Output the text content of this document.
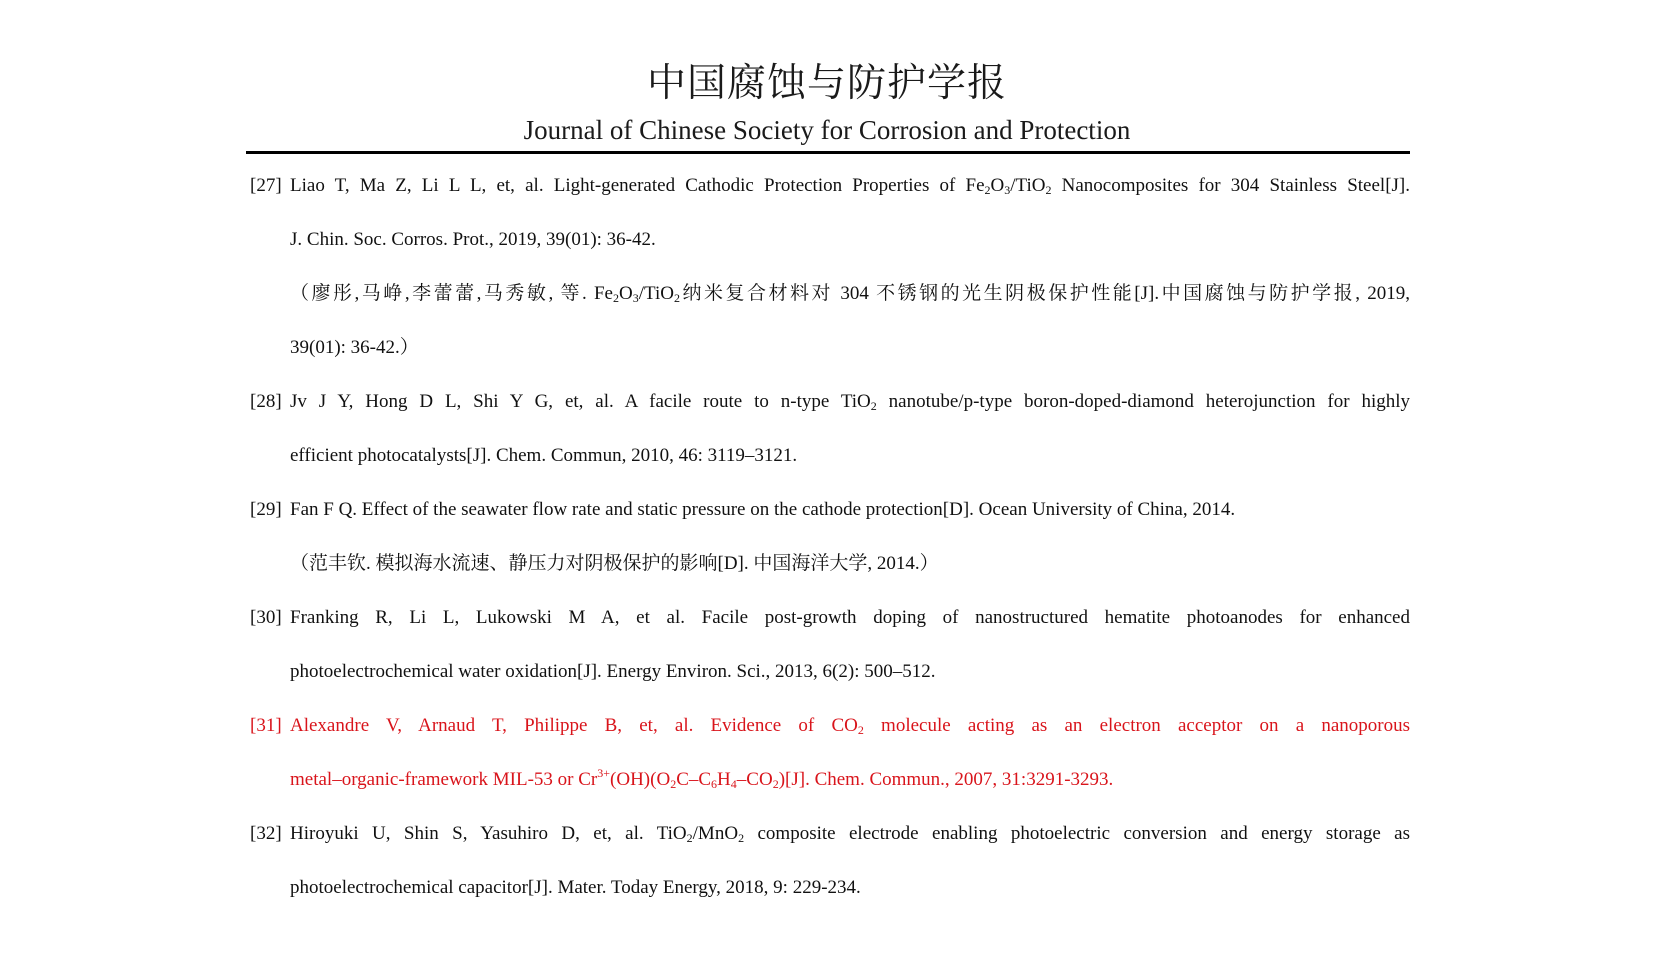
中国腐蚀与防护学报
Journal of Chinese Society for Corrosion and Protection
[27] Liao T, Ma Z, Li L L, et, al. Light-generated Cathodic Protection Properties of $Fe_2O_3/TiO_2$ Nanocomposites for 304 Stainless Steel[J].
J. Chin. Soc. Corros. Prot., 2019, 39(01): 36-42.
（廖彤,马峥,李蕾蕾,马秀敏, 等. $Fe_2O_3/TiO_2$纳米复合材料对 304 不锈钢的光生阴极保护性能[J].中国腐蚀与防护学报, 2019,
39(01): 36-42.）
[28] Jv J Y, Hong D L, Shi Y G, et, al. A facile route to n-type TiO$_2$ nanotube/p-type boron-doped-diamond heterojunction for highly
efficient photocatalysts[J]. Chem. Commun, 2010, 46: 3119–3121.
[29] Fan F Q. Effect of the seawater flow rate and static pressure on the cathode protection[D]. Ocean University of China, 2014.
（范丰钦. 模拟海水流速、静压力对阴极保护的影响[D]. 中国海洋大学, 2014.）
[30] Franking R, Li L, Lukowski M A, et al. Facile post-growth doping of nanostructured hematite photoanodes for enhanced
photoelectrochemical water oxidation[J]. Energy Environ. Sci., 2013, 6(2): 500–512.
[31] Alexandre V, Arnaud T, Philippe B, et, al. Evidence of $CO_2$ molecule acting as an electron acceptor on a nanoporous
metal–organic-framework MIL-53 or $Cr^{3+}(OH)(O_2C-C_6H_4-CO_2)[J]$. Chem. Commun., 2007, 31:3291-3293.
[32] Hiroyuki U, Shin S, Yasuhiro D, et, al. TiO$_2$/MnO$_2$ composite electrode enabling photoelectric conversion and energy storage as
photoelectrochemical capacitor[J]. Mater. Today Energy, 2018, 9: 229-234.
